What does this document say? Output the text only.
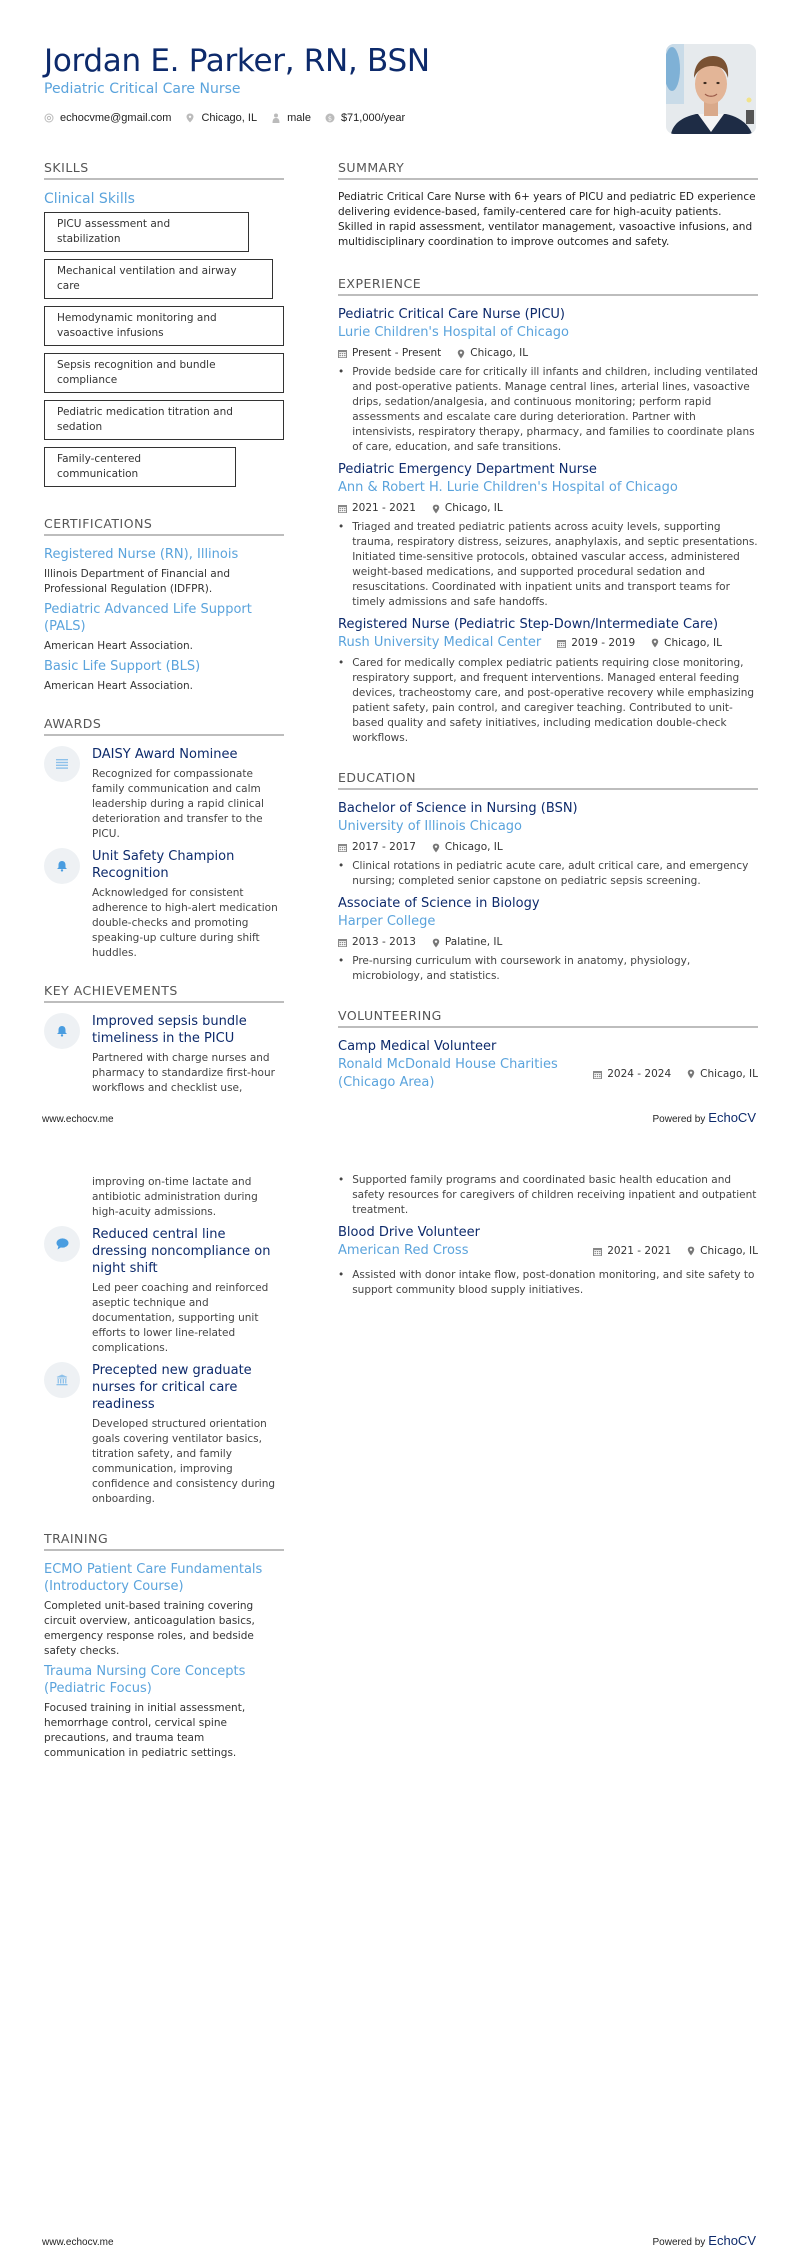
Jordan E. Parker, RN, BSN
Pediatric Critical Care Nurse
echocvme@gmail.com	Chicago, IL	male	$ $71,000/year
SKILLS
Clinical Skills
PICU assessment and stabilization
Mechanical ventilation and airway care
Hemodynamic monitoring and vasoactive infusions
Sepsis recognition and bundle compliance
Pediatric medication titration and sedation
Family-centered communication
CERTIFICATIONS
Registered Nurse (RN), Illinois
Illinois Department of Financial and Professional Regulation (IDFPR).
Pediatric Advanced Life Support (PALS)
American Heart Association.
Basic Life Support (BLS)
American Heart Association.
AWARDS
DAISY Award Nominee
Recognized for compassionate family communication and calm leadership during a rapid clinical deterioration and transfer to the PICU.
Unit Safety Champion Recognition
Acknowledged for consistent adherence to high-alert medication double-checks and promoting speaking-up culture during shift huddles.
KEY ACHIEVEMENTS
Improved sepsis bundle timeliness in the PICU
Partnered with charge nurses and pharmacy to standardize first-hour workflows and checklist use,
SUMMARY
Pediatric Critical Care Nurse with 6+ years of PICU and pediatric ED experience delivering evidence-based, family-centered care for high-acuity patients. Skilled in rapid assessment, ventilator management, vasoactive infusions, and multidisciplinary coordination to improve outcomes and safety.
EXPERIENCE
Pediatric Critical Care Nurse (PICU)
Lurie Children's Hospital of Chicago
Present - Present	Chicago, IL
• Provide bedside care for critically ill infants and children, including ventilated and post-operative patients. Manage central lines, arterial lines, vasoactive drips, sedation/analgesia, and continuous monitoring; perform rapid assessments and escalate care during deterioration. Partner with intensivists, respiratory therapy, pharmacy, and families to coordinate plans of care, education, and safe transitions.
Pediatric Emergency Department Nurse
Ann & Robert H. Lurie Children's Hospital of Chicago
2021 - 2021	Chicago, IL
• Triaged and treated pediatric patients across acuity levels, supporting trauma, respiratory distress, seizures, anaphylaxis, and septic presentations. Initiated time-sensitive protocols, obtained vascular access, administered weight-based medications, and supported procedural sedation and resuscitations. Coordinated with inpatient units and transport teams for timely admissions and safe handoffs.
Registered Nurse (Pediatric Step-Down/Intermediate Care)
Rush University Medical Center	2019 - 2019	Chicago, IL
• Cared for medically complex pediatric patients requiring close monitoring, respiratory support, and frequent interventions. Managed enteral feeding devices, tracheostomy care, and post-operative recovery while emphasizing patient safety, pain control, and caregiver teaching. Contributed to unit-based quality and safety initiatives, including medication double-check workflows.
EDUCATION
Bachelor of Science in Nursing (BSN)
University of Illinois Chicago
2017 - 2017	Chicago, IL
• Clinical rotations in pediatric acute care, adult critical care, and emergency nursing; completed senior capstone on pediatric sepsis screening.
Associate of Science in Biology
Harper College
2013 - 2013	Palatine, IL
• Pre-nursing curriculum with coursework in anatomy, physiology, microbiology, and statistics.
VOLUNTEERING
Camp Medical Volunteer
Ronald McDonald House Charities (Chicago Area)
2024 - 2024	Chicago, IL
www.echocv.me	Powered by EchoCV
improving on-time lactate and antibiotic administration during high-acuity admissions.
Reduced central line dressing noncompliance on night shift
Led peer coaching and reinforced aseptic technique and documentation, supporting unit efforts to lower line-related complications.
Precepted new graduate nurses for critical care readiness
Developed structured orientation goals covering ventilator basics, titration safety, and family communication, improving confidence and consistency during onboarding.
TRAINING
ECMO Patient Care Fundamentals (Introductory Course)
Completed unit-based training covering circuit overview, anticoagulation basics, emergency response roles, and bedside safety checks.
Trauma Nursing Core Concepts (Pediatric Focus)
Focused training in initial assessment, hemorrhage control, cervical spine precautions, and trauma team communication in pediatric settings.
• Supported family programs and coordinated basic health education and safety resources for caregivers of children receiving inpatient and outpatient treatment.
Blood Drive Volunteer
American Red Cross	2021 - 2021	Chicago, IL
• Assisted with donor intake flow, post-donation monitoring, and site safety to support community blood supply initiatives.
www.echocv.me	Powered by EchoCV
